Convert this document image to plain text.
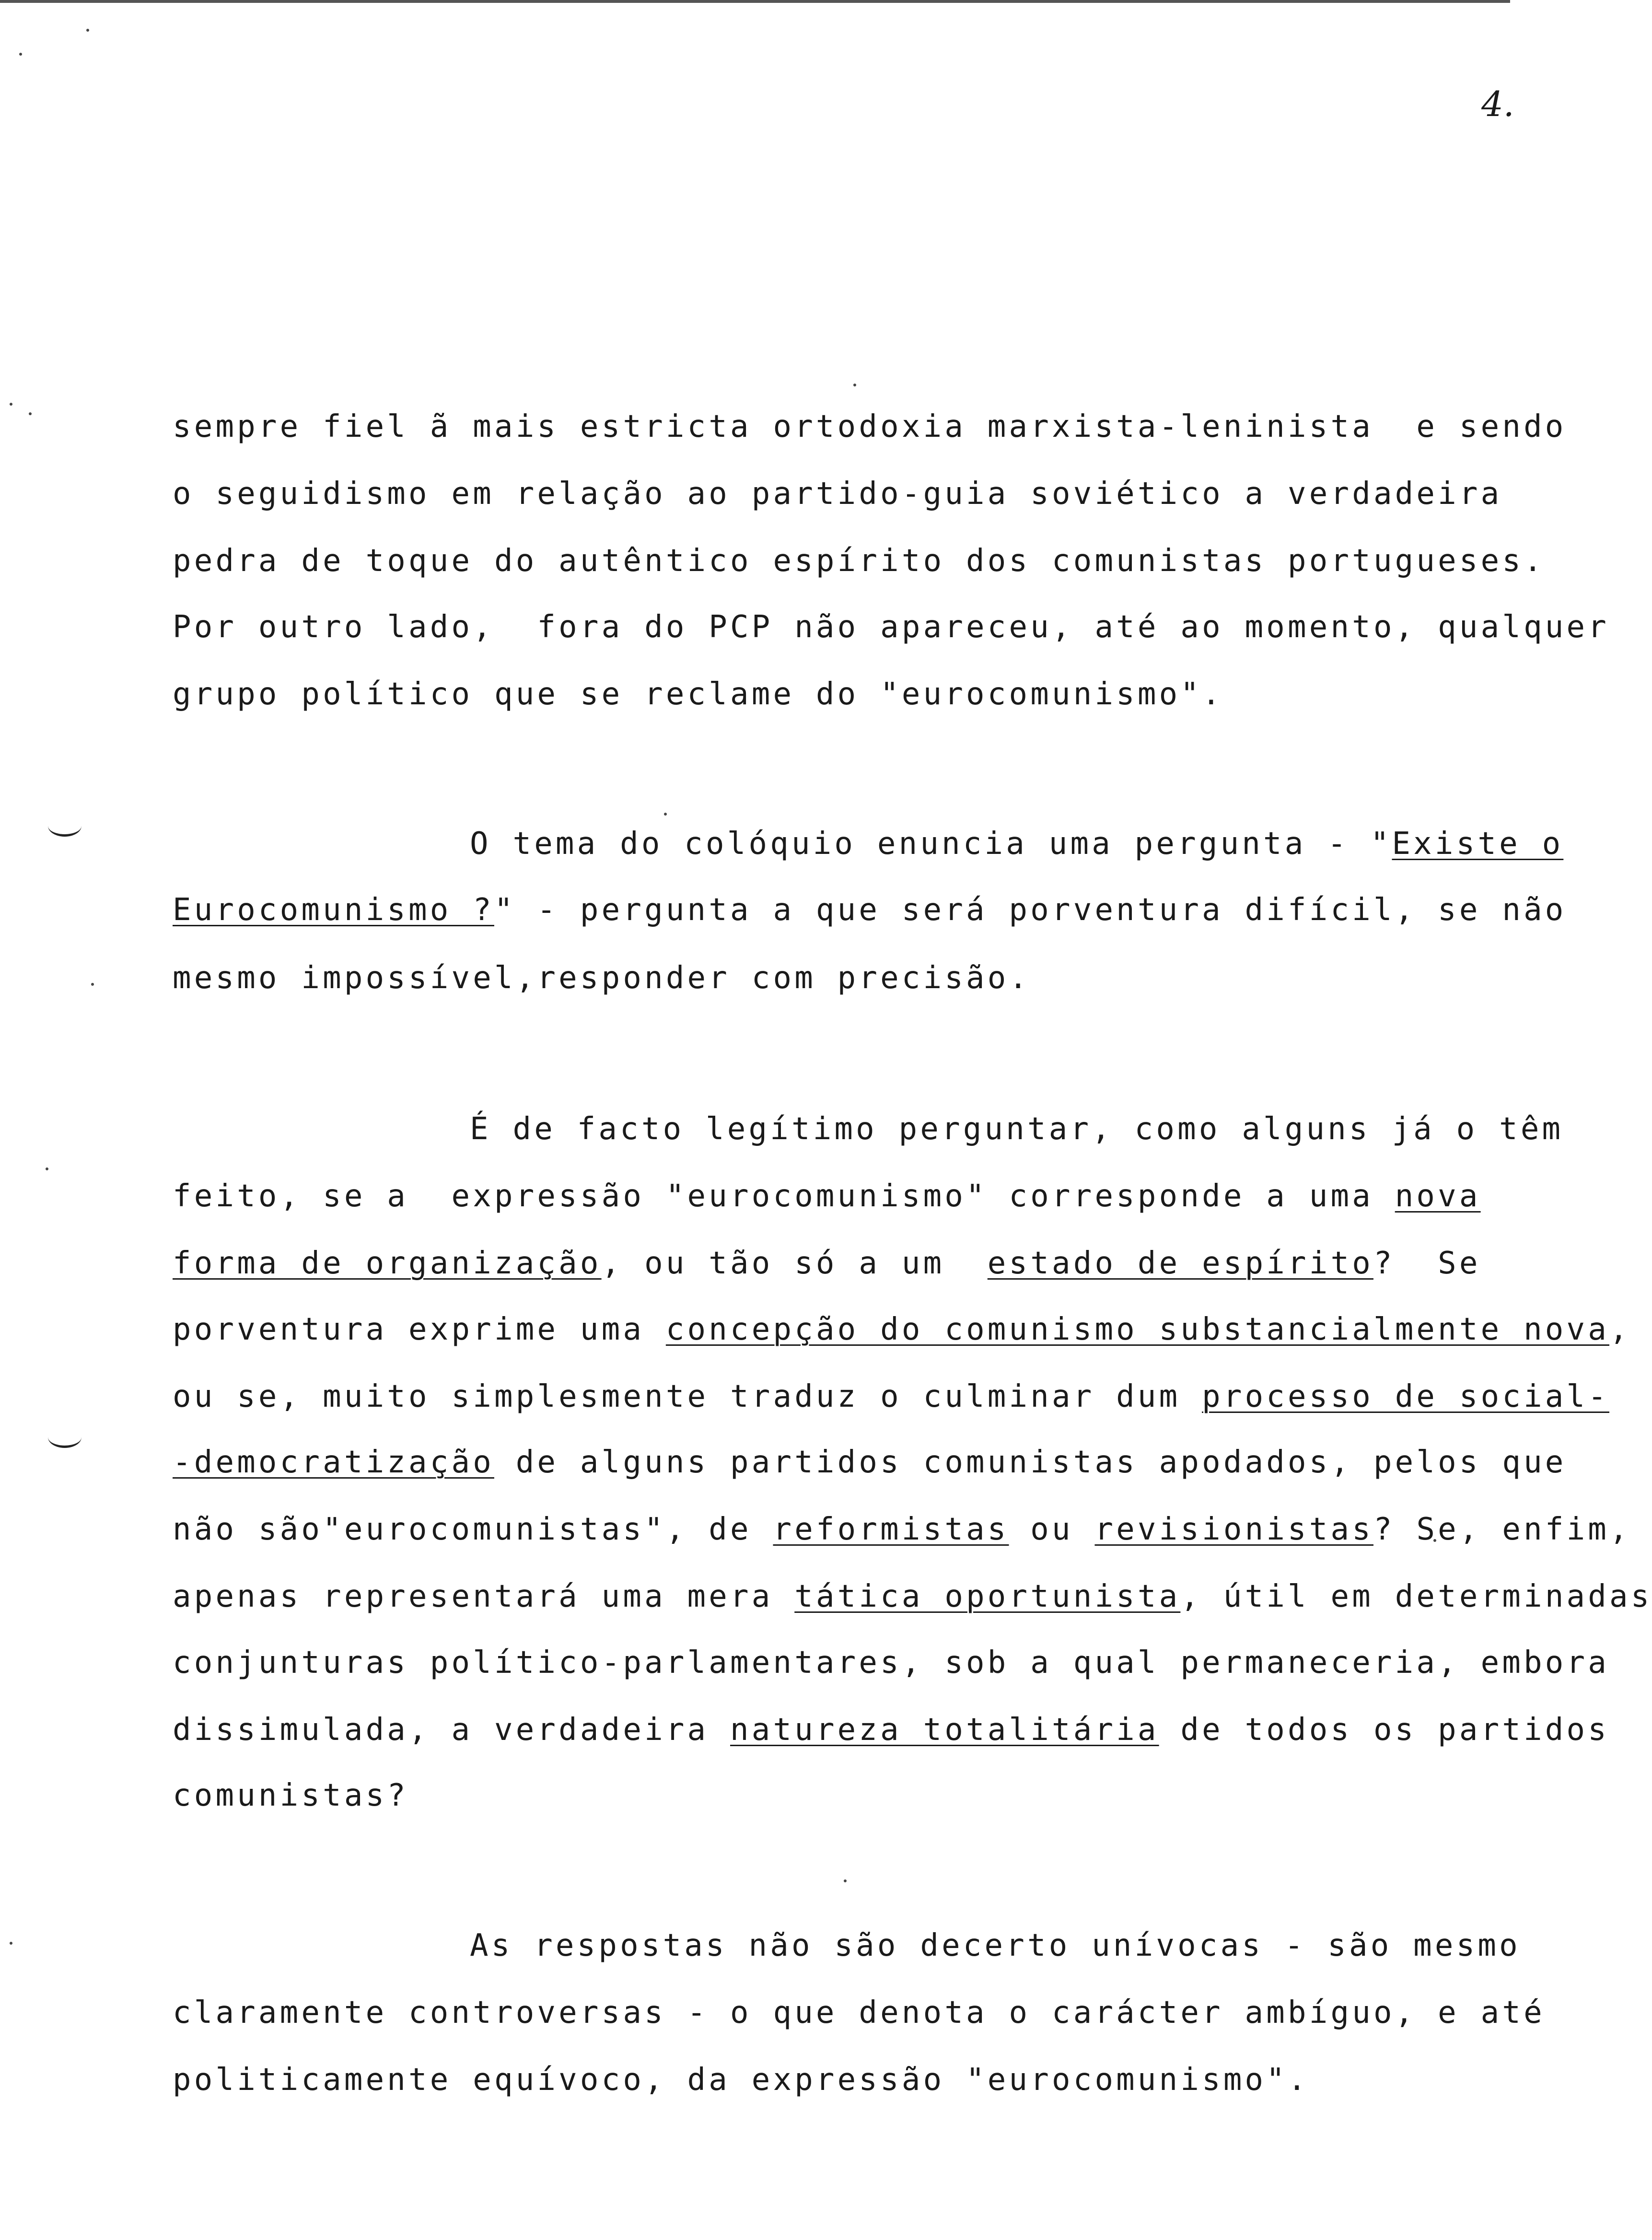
4.
sempre fiel ã mais estricta ortodoxia marxista-leninista  e sendo
o seguidismo em relação ao partido-guia soviético a verdadeira
pedra de toque do autêntico espírito dos comunistas portugueses.
Por outro lado,  fora do PCP não apareceu, até ao momento, qualquer
grupo político que se reclame do "eurocomunismo".
O tema do colóquio enuncia uma pergunta - "Existe o
Eurocomunismo ?" - pergunta a que será porventura difícil, se não
mesmo impossível,responder com precisão.
É de facto legítimo perguntar, como alguns já o têm
feito, se a  expressão "eurocomunismo" corresponde a uma nova
forma de organização, ou tão só a um  estado de espírito?  Se
porventura exprime uma concepção do comunismo substancialmente nova,
ou se, muito simplesmente traduz o culminar dum processo de social-
-democratização de alguns partidos comunistas apodados, pelos que
não são"eurocomunistas", de reformistas ou revisionistas? Se, enfim,
apenas representará uma mera tática oportunista, útil em determinadas
conjunturas político-parlamentares, sob a qual permaneceria, embora
dissimulada, a verdadeira natureza totalitária de todos os partidos
comunistas?
As respostas não são decerto unívocas - são mesmo
claramente controversas - o que denota o carácter ambíguo, e até
politicamente equívoco, da expressão "eurocomunismo".
